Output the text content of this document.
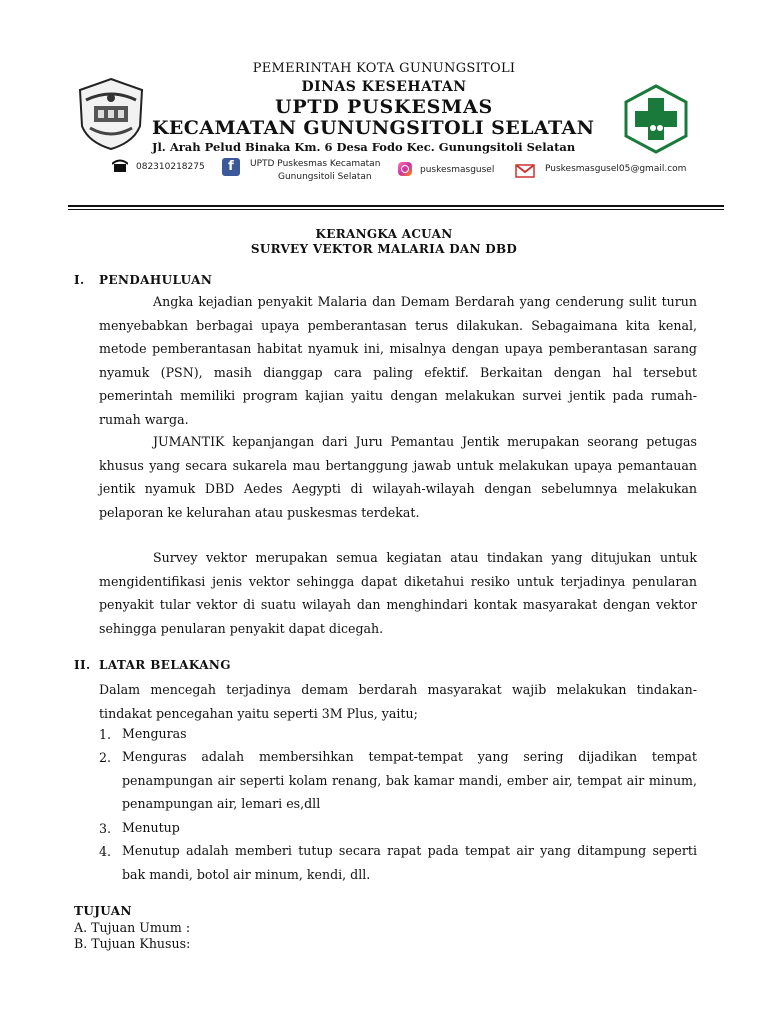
PEMERINTAH KOTA GUNUNGSITOLI
DINAS KESEHATAN
UPTD PUSKESMAS
KECAMATAN GUNUNGSITOLI SELATAN
Jl. Arah Pelud Binaka Km. 6 Desa Fodo Kec. Gunungsitoli Selatan
082310218275	f	UPTD Puskesmas Kecamatan
Gunungsitoli Selatan
puskesmasgusel	Puskesmasgusel05@gmail.com
KERANGKA ACUAN
SURVEY VEKTOR MALARIA DAN DBD
I. PENDAHULUAN
Angka kejadian penyakit Malaria dan Demam Berdarah yang cenderung sulit turun menyebabkan berbagai upaya pemberantasan terus dilakukan. Sebagaimana kita kenal, metode pemberantasan habitat nyamuk ini, misalnya dengan upaya pemberantasan sarang nyamuk (PSN), masih dianggap cara paling efektif. Berkaitan dengan hal tersebut pemerintah memiliki program kajian yaitu dengan melakukan survei jentik pada rumah- rumah warga.
JUMANTIK kepanjangan dari Juru Pemantau Jentik merupakan seorang petugas khusus yang secara sukarela mau bertanggung jawab untuk melakukan upaya pemantauan jentik nyamuk DBD Aedes Aegypti di wilayah-wilayah dengan sebelumnya melakukan pelaporan ke kelurahan atau puskesmas terdekat.
Survey vektor merupakan semua kegiatan atau tindakan yang ditujukan untuk mengidentifikasi jenis vektor sehingga dapat diketahui resiko untuk terjadinya penularan penyakit tular vektor di suatu wilayah dan menghindari kontak masyarakat dengan vektor sehingga penularan penyakit dapat dicegah.
II. LATAR BELAKANG
Dalam mencegah terjadinya demam berdarah masyarakat wajib melakukan tindakan-tindakat pencegahan yaitu seperti 3M Plus, yaitu;
1. Menguras
2. Menguras adalah membersihkan tempat-tempat yang sering dijadikan tempat penampungan air seperti kolam renang, bak kamar mandi, ember air, tempat air minum, penampungan air, lemari es,dll
3. Menutup
4. Menutup adalah memberi tutup secara rapat pada tempat air yang ditampung seperti bak mandi, botol air minum, kendi, dll.
TUJUAN
A. Tujuan Umum :
B. Tujuan Khusus:
